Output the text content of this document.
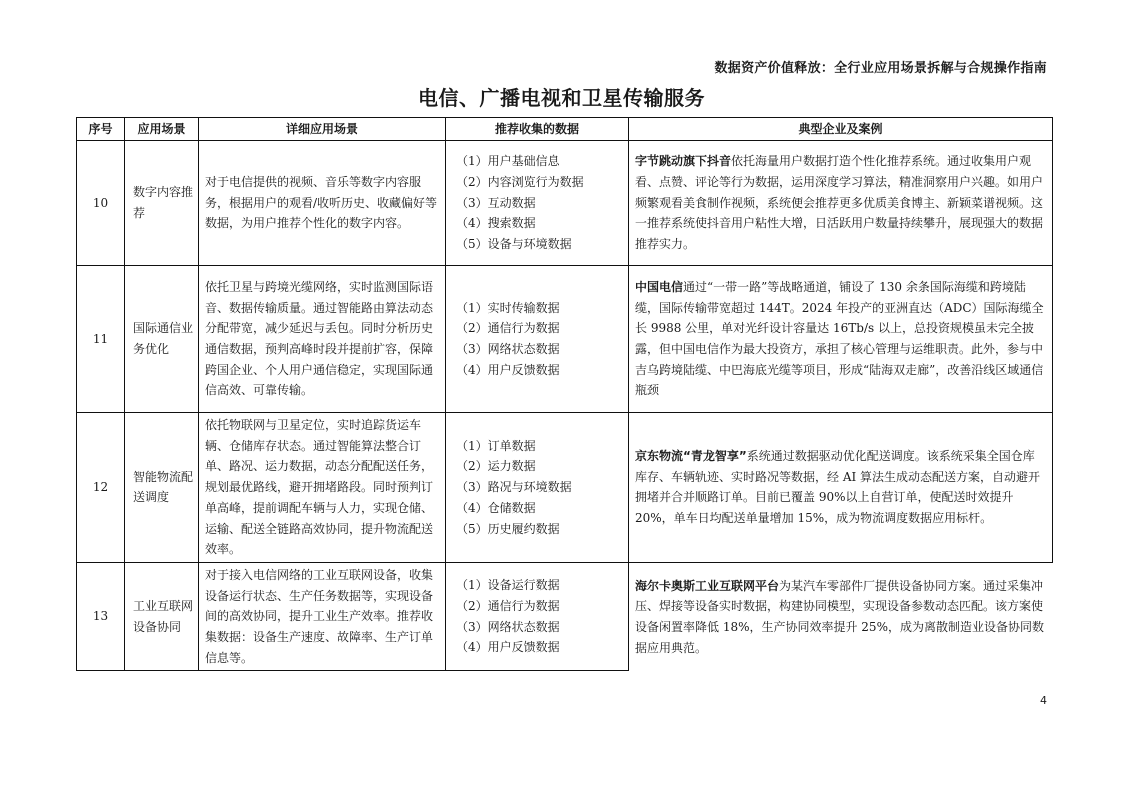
数据资产价值释放：全行业应用场景拆解与合规操作指南
电信、广播电视和卫星传输服务
序号	应用场景	详细应用场景	推荐收集的数据	典型企业及案例
10	数字内容推荐	对于电信提供的视频、音乐等数字内容服务，根据用户的观看/收听历史、收藏偏好等数据，为用户推荐个性化的数字内容。	（1）用户基础信息
（2）内容浏览行为数据
（3）互动数据
（4）搜索数据
（5）设备与环境数据	字节跳动旗下抖音依托海量用户数据打造个性化推荐系统。通过收集用户观看、点赞、评论等行为数据，运用深度学习算法，精准洞察用户兴趣。如用户频繁观看美食制作视频，系统便会推荐更多优质美食博主、新颖菜谱视频。这一推荐系统使抖音用户粘性大增，日活跃用户数量持续攀升，展现强大的数据推荐实力。
11	国际通信业务优化	依托卫星与跨境光缆网络，实时监测国际语音、数据传输质量。通过智能路由算法动态分配带宽，减少延迟与丢包。同时分析历史通信数据，预判高峰时段并提前扩容，保障跨国企业、个人用户通信稳定，实现国际通信高效、可靠传输。	（1）实时传输数据
（2）通信行为数据
（3）网络状态数据
（4）用户反馈数据	中国电信通过“一带一路”等战略通道，铺设了 130 余条国际海缆和跨境陆缆，国际传输带宽超过 144T。2024 年投产的亚洲直达（ADC）国际海缆全长 9988 公里，单对光纤设计容量达 16Tb/s 以上，总投资规模虽未完全披露，但中国电信作为最大投资方，承担了核心管理与运维职责。此外，参与中吉乌跨境陆缆、中巴海底光缆等项目，形成“陆海双走廊”，改善沿线区域通信瓶颈
12	智能物流配送调度	依托物联网与卫星定位，实时追踪货运车辆、仓储库存状态。通过智能算法整合订单、路况、运力数据，动态分配配送任务，规划最优路线，避开拥堵路段。同时预判订单高峰，提前调配车辆与人力，实现仓储、运输、配送全链路高效协同，提升物流配送效率。	（1）订单数据
（2）运力数据
（3）路况与环境数据
（4）仓储数据
（5）历史履约数据	京东物流“青龙智享”系统通过数据驱动优化配送调度。该系统采集全国仓库库存、车辆轨迹、实时路况等数据，经 AI 算法生成动态配送方案，自动避开拥堵并合并顺路订单。目前已覆盖 90%以上自营订单，使配送时效提升 20%，单车日均配送单量增加 15%，成为物流调度数据应用标杆。
13	工业互联网设备协同	对于接入电信网络的工业互联网设备，收集设备运行状态、生产任务数据等，实现设备间的高效协同，提升工业生产效率。推荐收集数据：设备生产速度、故障率、生产订单信息等。	（1）设备运行数据
（2）通信行为数据
（3）网络状态数据
（4）用户反馈数据	海尔卡奥斯工业互联网平台为某汽车零部件厂提供设备协同方案。通过采集冲压、焊接等设备实时数据，构建协同模型，实现设备参数动态匹配。该方案使设备闲置率降低 18%，生产协同效率提升 25%，成为离散制造业设备协同数据应用典范。
4
